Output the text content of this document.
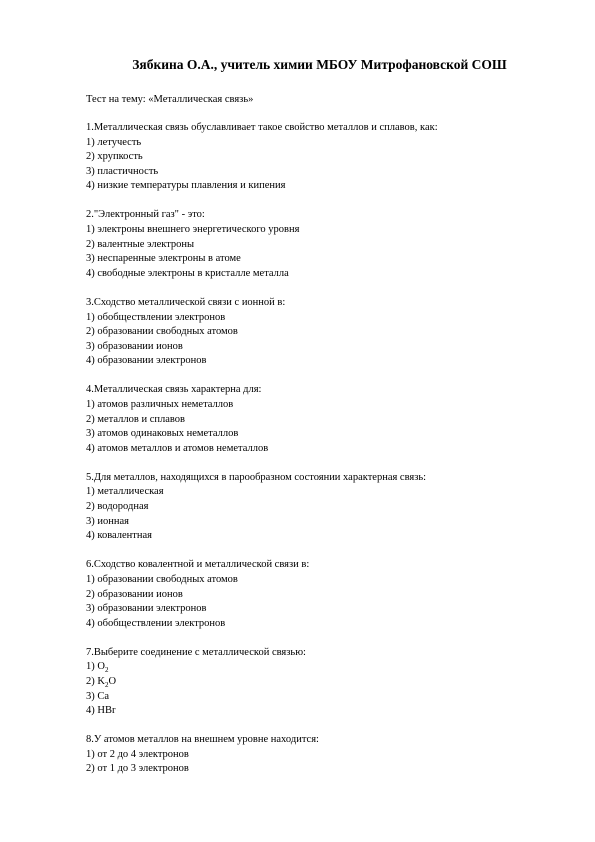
Зябкина О.А., учитель химии МБОУ Митрофановской СОШ
Тест на тему: «Металлическая связь»
1.Металлическая связь обуславливает такое свойство металлов и сплавов, как:
1) летучесть
2) хрупкость
3) пластичность
4) низкие температуры плавления и кипения
2."Электронный газ" - это:
1) электроны внешнего энергетического уровня
2) валентные электроны
3) неспаренные электроны в атоме
4) свободные электроны в кристалле металла
3.Сходство металлической связи с ионной в:
1) обобществлении электронов
2) образовании свободных атомов
3) образовании ионов
4) образовании электронов
4.Металлическая связь характерна для:
1) атомов различных неметаллов
2) металлов и сплавов
3) атомов одинаковых неметаллов
4) атомов металлов и атомов неметаллов
5.Для металлов, находящихся в парообразном состоянии характерная связь:
1) металлическая
2) водородная
3) ионная
4) ковалентная
6.Сходство ковалентной и металлической связи в:
1) образовании свободных атомов
2) образовании ионов
3) образовании электронов
4) обобществлении электронов
7.Выберите соединение с металлической связью:
1) $O_2$
2) $K_2O$
3) Ca
4) HBr
8.У атомов металлов на внешнем уровне находится:
1) от 2 до 4 электронов
2) от 1 до 3 электронов
